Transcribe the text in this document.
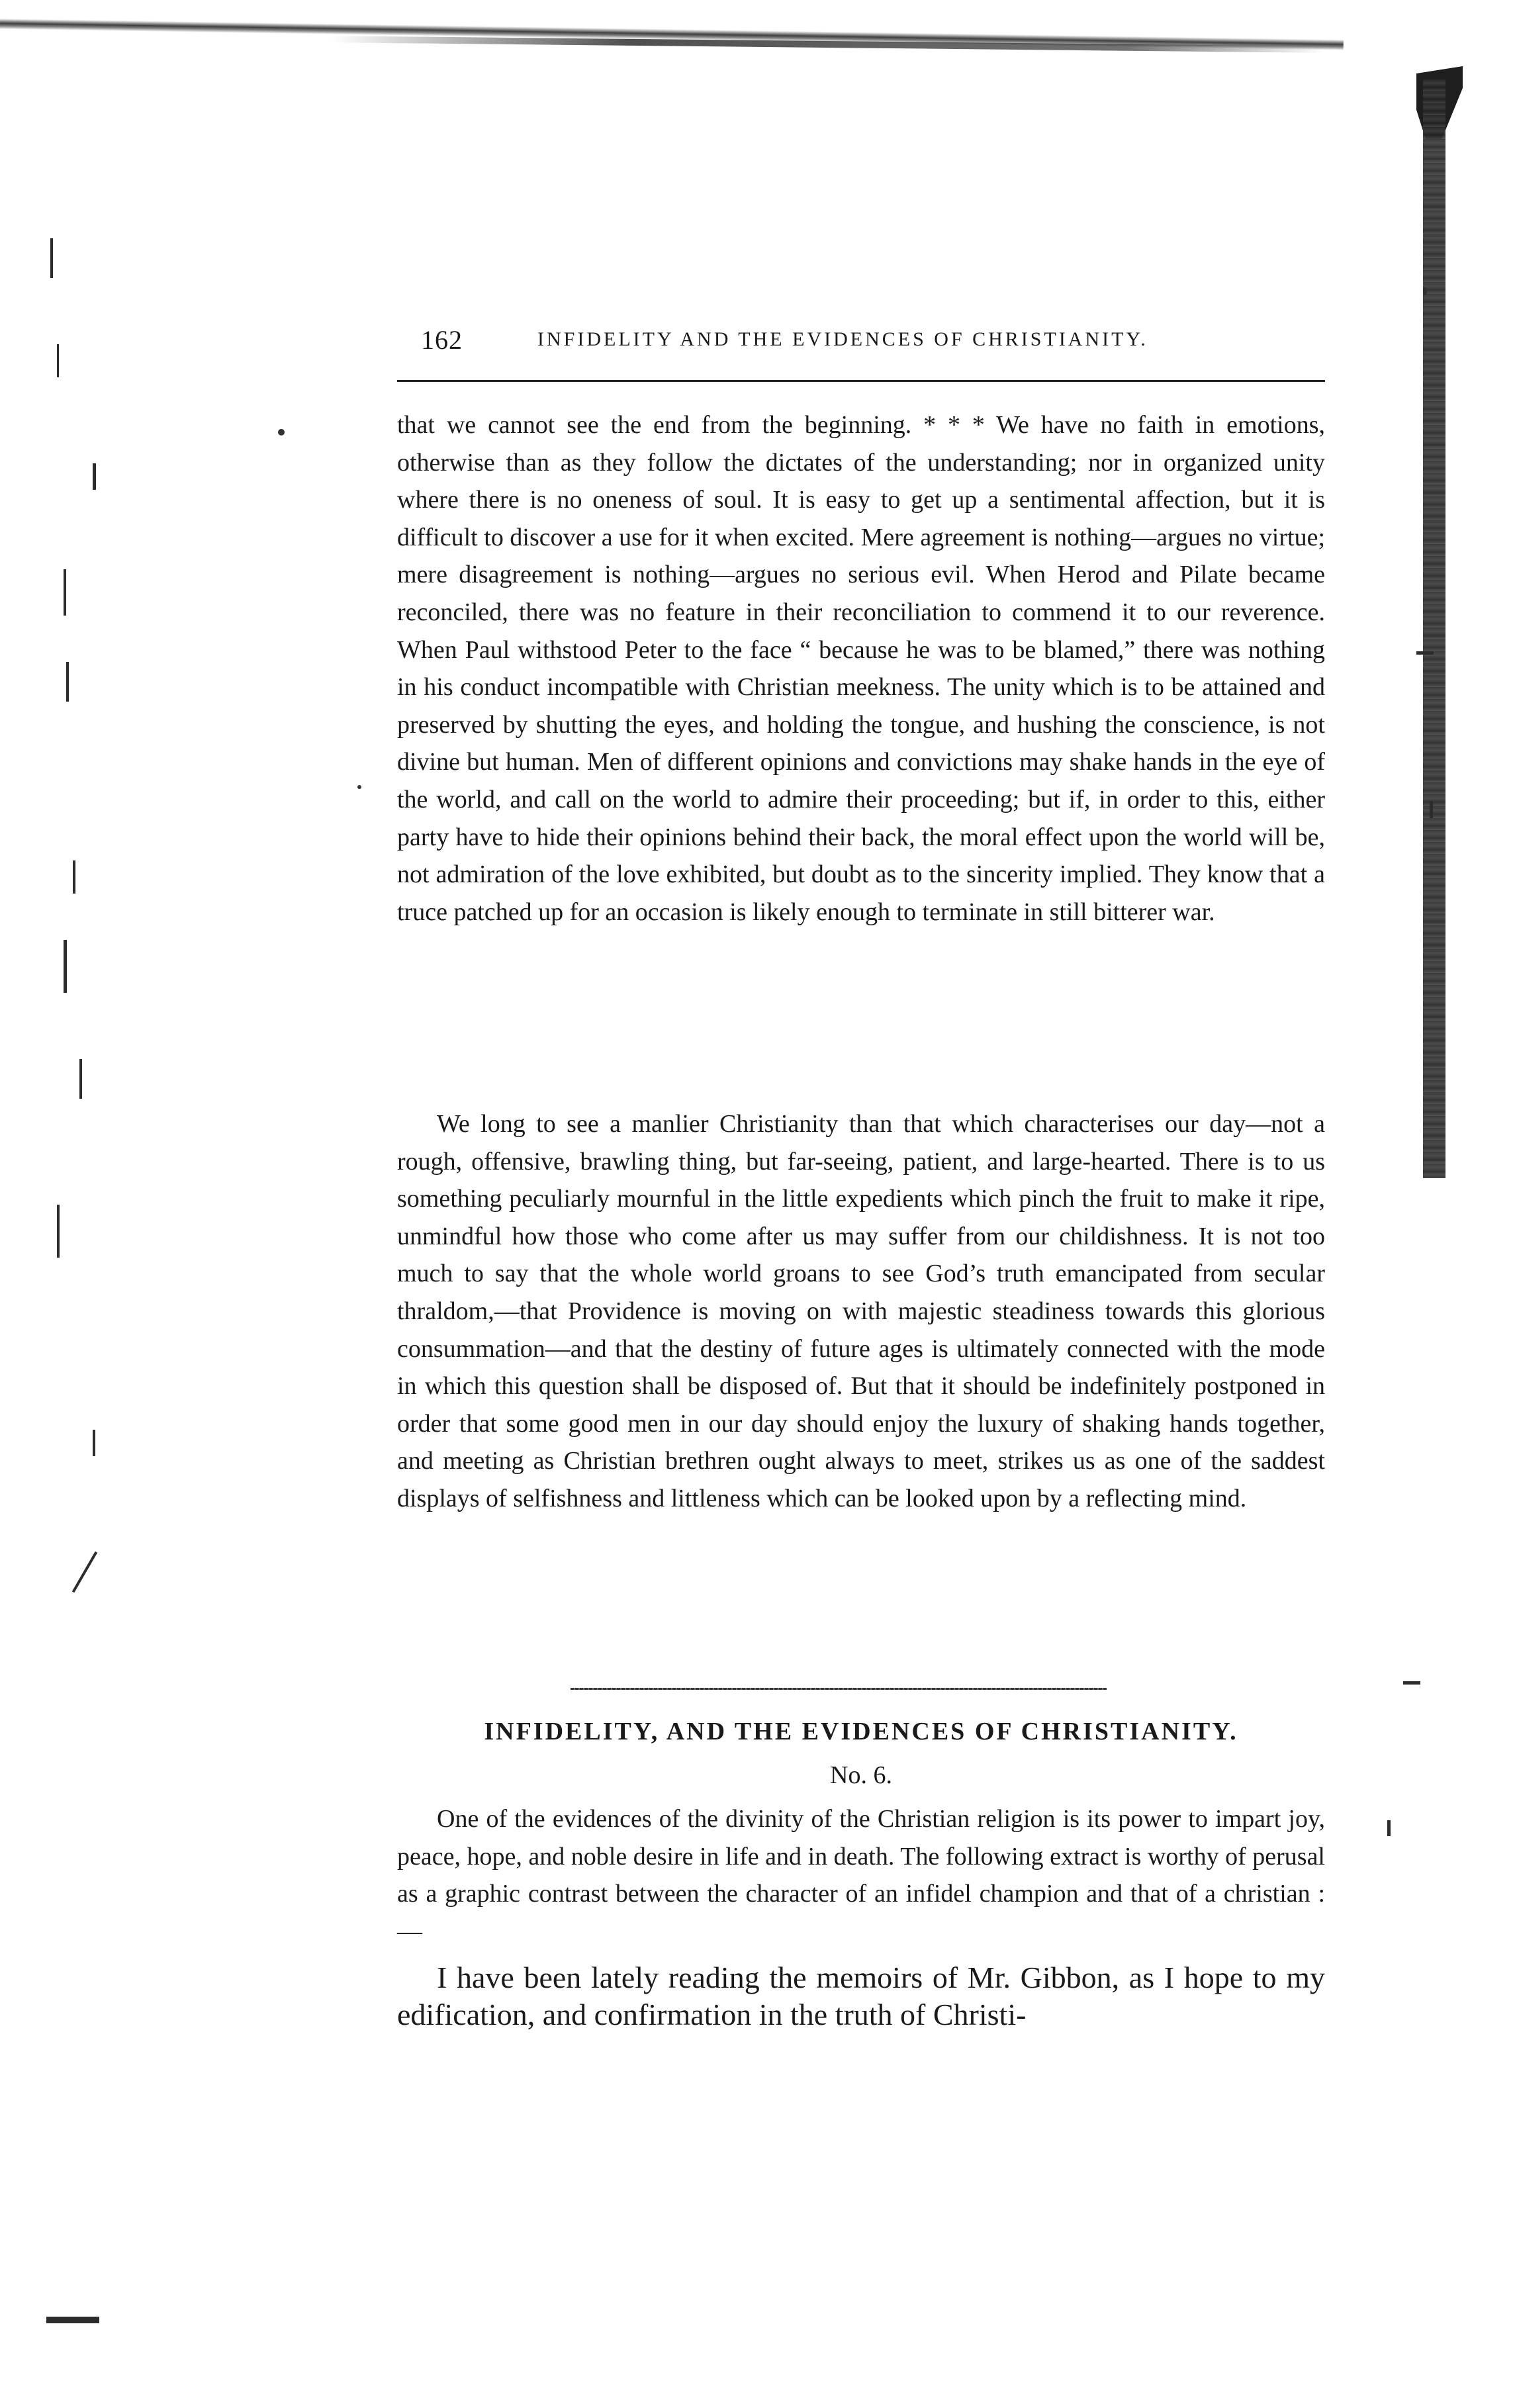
162	INFIDELITY AND THE EVIDENCES OF CHRISTIANITY.

that we cannot see the end from the beginning. * * * We have no faith in emotions, otherwise than as they follow the dictates of the understanding; nor in organized unity where there is no oneness of soul. It is easy to get up a sentimental affection, but it is difficult to discover a use for it when excited. Mere agreement is nothing—argues no virtue; mere disagreement is nothing—argues no serious evil. When Herod and Pilate became reconciled, there was no feature in their reconciliation to commend it to our reverence. When Paul withstood Peter to the face “ because he was to be blamed,” there was nothing in his conduct incompatible with Christian meekness. The unity which is to be attained and preserved by shutting the eyes, and holding the tongue, and hushing the conscience, is not divine but human. Men of different opinions and convictions may shake hands in the eye of the world, and call on the world to admire their proceeding; but if, in order to this, either party have to hide their opinions behind their back, the moral effect upon the world will be, not admiration of the love exhibited, but doubt as to the sincerity implied. They know that a truce patched up for an occasion is likely enough to terminate in still bitterer war.

We long to see a manlier Christianity than that which characterises our day—not a rough, offensive, brawling thing, but far-seeing, patient, and large-hearted. There is to us something peculiarly mournful in the little expedients which pinch the fruit to make it ripe, unmindful how those who come after us may suffer from our childishness. It is not too much to say that the whole world groans to see God’s truth emancipated from secular thraldom,—that Providence is moving on with majestic steadiness towards this glorious consummation—and that the destiny of future ages is ultimately connected with the mode in which this question shall be disposed of. But that it should be indefinitely postponed in order that some good men in our day should enjoy the luxury of shaking hands together, and meeting as Christian brethren ought always to meet, strikes us as one of the saddest displays of selfishness and littleness which can be looked upon by a reflecting mind.

INFIDELITY, AND THE EVIDENCES OF CHRISTIANITY.
No. 6.

One of the evidences of the divinity of the Christian religion is its power to impart joy, peace, hope, and noble desire in life and in death. The following extract is worthy of perusal as a graphic contrast between the character of an infidel champion and that of a christian :—

I have been lately reading the memoirs of Mr. Gibbon, as I hope to my edification, and confirmation in the truth of Christi-
